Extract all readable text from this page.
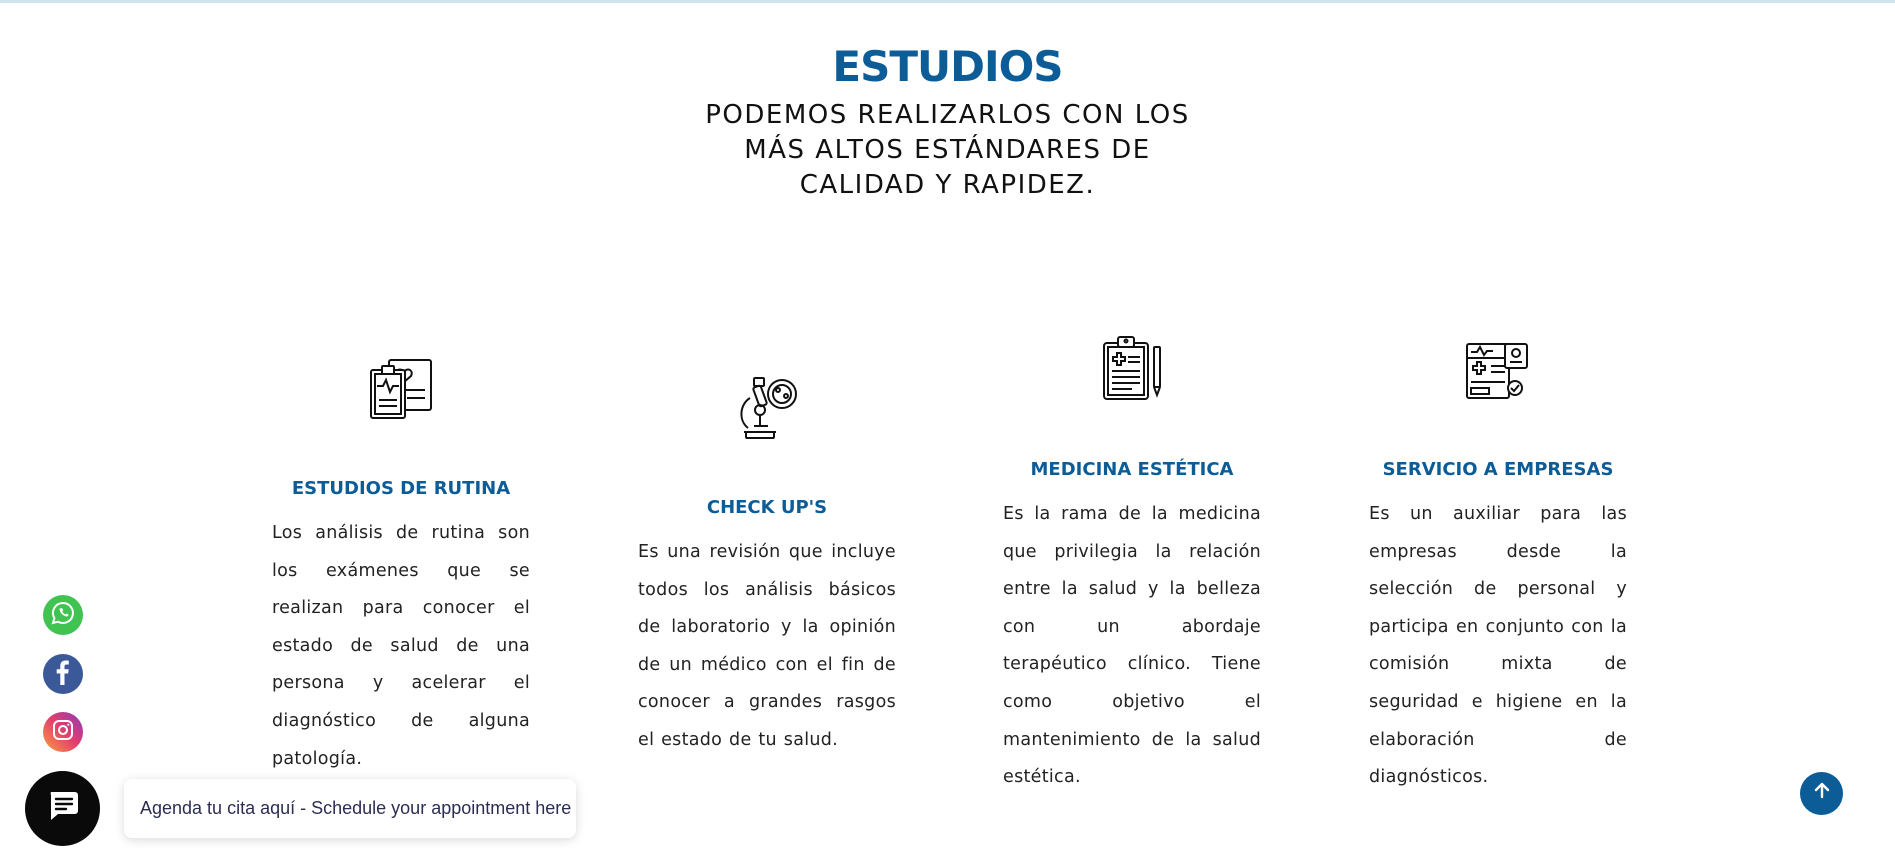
ESTUDIOS
PODEMOS REALIZARLOS CON LOS
MÁS ALTOS ESTÁNDARES DE
CALIDAD Y RAPIDEZ.
ESTUDIOS DE RUTINA
Los análisis de rutina son los exámenes que se realizan para conocer el estado de salud de una persona y acelerar el diagnóstico de alguna patología.
CHECK UP'S
Es una revisión que incluye todos los análisis básicos de laboratorio y la opinión de un médico con el fin de conocer a grandes rasgos el estado de tu salud.
MEDICINA ESTÉTICA
Es la rama de la medicina que privilegia la relación entre la salud y la belleza con un abordaje terapéutico clínico. Tiene como objetivo el mantenimiento de la salud estética.
SERVICIO A EMPRESAS
Es un auxiliar para las empresas desde la selección de personal y participa en conjunto con la comisión mixta de seguridad e higiene en la elaboración de diagnósticos.
Agenda tu cita aquí - Schedule your appointment here
